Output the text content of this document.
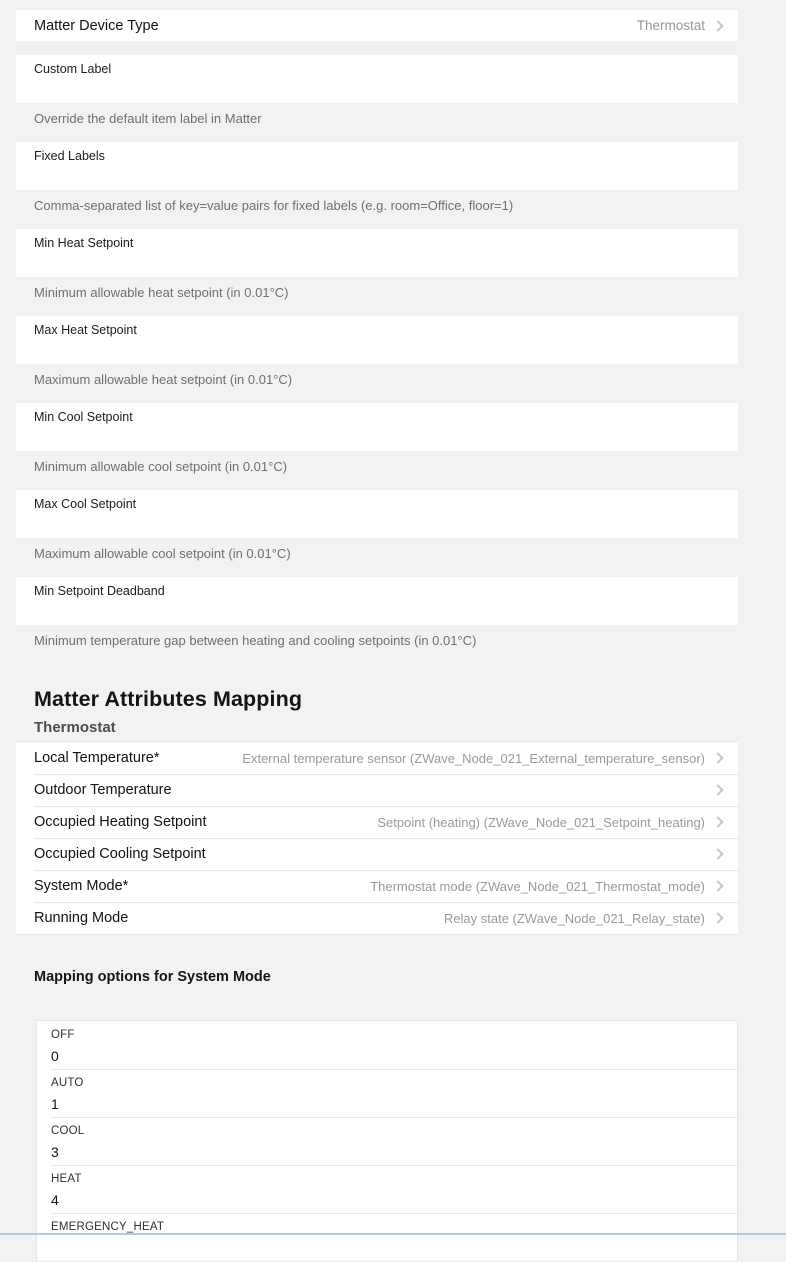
Matter Device Type	Thermostat
Custom Label
Override the default item label in Matter
Fixed Labels
Comma-separated list of key=value pairs for fixed labels (e.g. room=Office, floor=1)
Min Heat Setpoint
Minimum allowable heat setpoint (in 0.01°C)
Max Heat Setpoint
Maximum allowable heat setpoint (in 0.01°C)
Min Cool Setpoint
Minimum allowable cool setpoint (in 0.01°C)
Max Cool Setpoint
Maximum allowable cool setpoint (in 0.01°C)
Min Setpoint Deadband
Minimum temperature gap between heating and cooling setpoints (in 0.01°C)
Matter Attributes Mapping
Thermostat
Local Temperature*	External temperature sensor (ZWave_Node_021_External_temperature_sensor)
Outdoor Temperature
Occupied Heating Setpoint	Setpoint (heating) (ZWave_Node_021_Setpoint_heating)
Occupied Cooling Setpoint
System Mode*	Thermostat mode (ZWave_Node_021_Thermostat_mode)
Running Mode	Relay state (ZWave_Node_021_Relay_state)
Mapping options for System Mode
OFF
0
AUTO
1
COOL
3
HEAT
4
EMERGENCY_HEAT
